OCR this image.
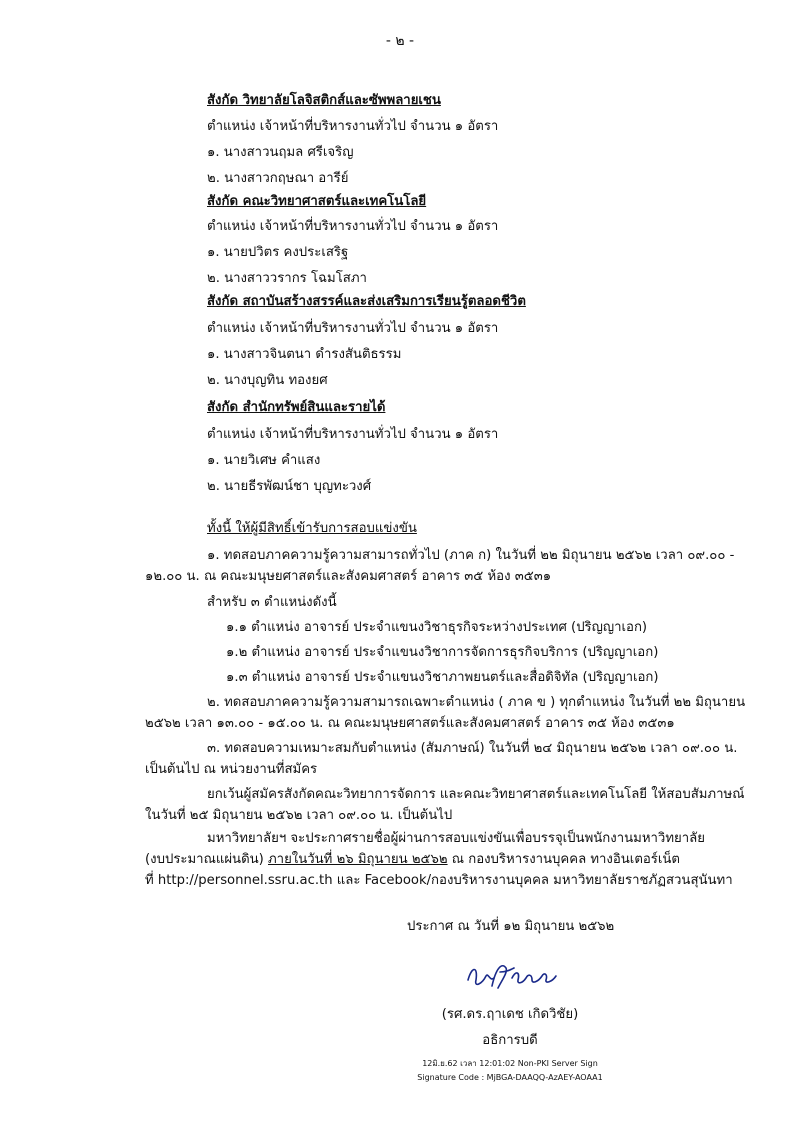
- ๒ -
สังกัด วิทยาลัยโลจิสติกส์และซัพพลายเชน
ตำแหน่ง เจ้าหน้าที่บริหารงานทั่วไป จำนวน ๑ อัตรา
๑. นางสาวนฤมล ศรีเจริญ
๒. นางสาวกฤษณา อารีย์
สังกัด คณะวิทยาศาสตร์และเทคโนโลยี
ตำแหน่ง เจ้าหน้าที่บริหารงานทั่วไป จำนวน ๑ อัตรา
๑. นายปวิตร คงประเสริฐ
๒. นางสาววรากร โฉมโสภา
สังกัด สถาบันสร้างสรรค์และส่งเสริมการเรียนรู้ตลอดชีวิต
ตำแหน่ง เจ้าหน้าที่บริหารงานทั่วไป จำนวน ๑ อัตรา
๑. นางสาวจินตนา ดำรงสันติธรรม
๒. นางบุญทิน ทองยศ
สังกัด สำนักทรัพย์สินและรายได้
ตำแหน่ง เจ้าหน้าที่บริหารงานทั่วไป จำนวน ๑ อัตรา
๑. นายวิเศษ คำแสง
๒. นายธีรพัฒน์ชา บุญทะวงศ์
ทั้งนี้ ให้ผู้มีสิทธิ์เข้ารับการสอบแข่งขัน
๑. ทดสอบภาคความรู้ความสามารถทั่วไป (ภาค ก) ในวันที่ ๒๒ มิถุนายน ๒๕๖๒ เวลา ๐๙.๐๐ -
๑๒.๐๐ น. ณ คณะมนุษยศาสตร์และสังคมศาสตร์ อาคาร ๓๕ ห้อง ๓๕๓๑
สำหรับ ๓ ตำแหน่งดังนี้
๑.๑ ตำแหน่ง อาจารย์ ประจำแขนงวิชาธุรกิจระหว่างประเทศ (ปริญญาเอก)
๑.๒ ตำแหน่ง อาจารย์ ประจำแขนงวิชาการจัดการธุรกิจบริการ (ปริญญาเอก)
๑.๓ ตำแหน่ง อาจารย์ ประจำแขนงวิชาภาพยนตร์และสื่อดิจิทัล (ปริญญาเอก)
๒. ทดสอบภาคความรู้ความสามารถเฉพาะตำแหน่ง ( ภาค ข ) ทุกตำแหน่ง ในวันที่ ๒๒ มิถุนายน
๒๕๖๒ เวลา ๑๓.๐๐ - ๑๕.๐๐ น. ณ คณะมนุษยศาสตร์และสังคมศาสตร์ อาคาร ๓๕ ห้อง ๓๕๓๑
๓. ทดสอบความเหมาะสมกับตำแหน่ง (สัมภาษณ์) ในวันที่ ๒๔ มิถุนายน ๒๕๖๒ เวลา ๐๙.๐๐ น.
เป็นต้นไป ณ หน่วยงานที่สมัคร
ยกเว้นผู้สมัครสังกัดคณะวิทยาการจัดการ และคณะวิทยาศาสตร์และเทคโนโลยี ให้สอบสัมภาษณ์
ในวันที่ ๒๕ มิถุนายน ๒๕๖๒ เวลา ๐๙.๐๐ น. เป็นต้นไป
มหาวิทยาลัยฯ จะประกาศรายชื่อผู้ผ่านการสอบแข่งขันเพื่อบรรจุเป็นพนักงานมหาวิทยาลัย
(งบประมาณแผ่นดิน) ภายในวันที่ ๒๖ มิถุนายน ๒๕๖๒ ณ กองบริหารงานบุคคล ทางอินเตอร์เน็ต
ที่ http://personnel.ssru.ac.th และ Facebook/กองบริหารงานบุคคล มหาวิทยาลัยราชภัฏสวนสุนันทา
ประกาศ ณ วันที่ ๑๒ มิถุนายน ๒๕๖๒
(รศ.ดร.ฤาเดช เกิดวิชัย)
อธิการบดี
12มิ.ย.62 เวลา 12:01:02 Non-PKI Server Sign
Signature Code : MjBGA-DAAQQ-AzAEY-AOAA1
